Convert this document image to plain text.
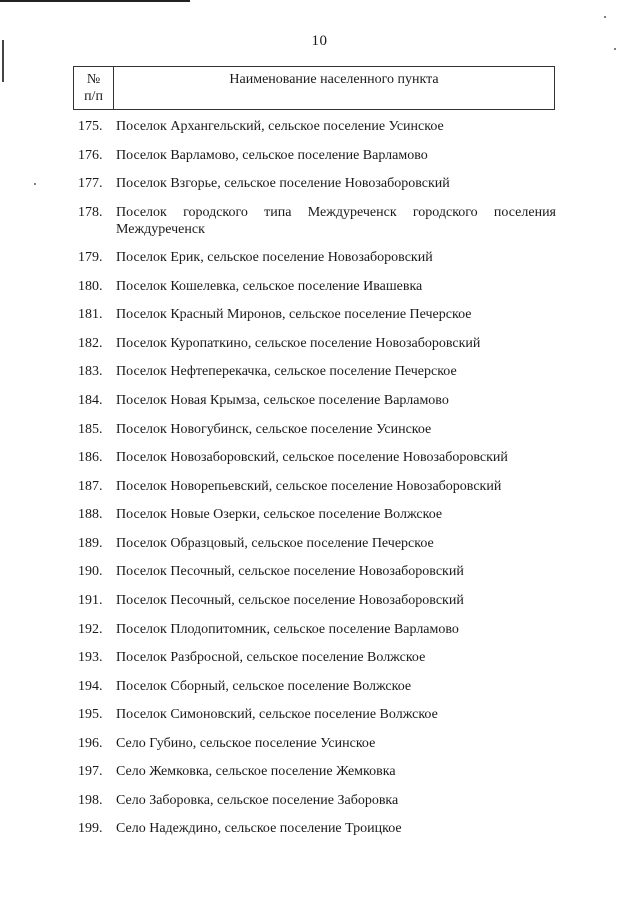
10
№
п/п
Наименование населенного пункта
175. Поселок Архангельский, сельское поселение Усинское
176. Поселок Варламово, сельское поселение Варламово
177. Поселок Взгорье, сельское поселение Новозаборовский
178. Поселок городского типа Междуреченск городского поселения Междуреченск
179. Поселок Ерик, сельское поселение Новозаборовский
180. Поселок Кошелевка, сельское поселение Ивашевка
181. Поселок Красный Миронов, сельское поселение Печерское
182. Поселок Куропаткино, сельское поселение Новозаборовский
183. Поселок Нефтеперекачка, сельское поселение Печерское
184. Поселок Новая Крымза, сельское поселение Варламово
185. Поселок Новогубинск, сельское поселение Усинское
186. Поселок Новозаборовский, сельское поселение Новозаборовский
187. Поселок Новорепьевский, сельское поселение Новозаборовский
188. Поселок Новые Озерки, сельское поселение Волжское
189. Поселок Образцовый, сельское поселение Печерское
190. Поселок Песочный, сельское поселение Новозаборовский
191. Поселок Песочный, сельское поселение Новозаборовский
192. Поселок Плодопитомник, сельское поселение Варламово
193. Поселок Разбросной, сельское поселение Волжское
194. Поселок Сборный, сельское поселение Волжское
195. Поселок Симоновский, сельское поселение Волжское
196. Село Губино, сельское поселение Усинское
197. Село Жемковка, сельское поселение Жемковка
198. Село Заборовка, сельское поселение Заборовка
199. Село Надеждино, сельское поселение Троицкое
